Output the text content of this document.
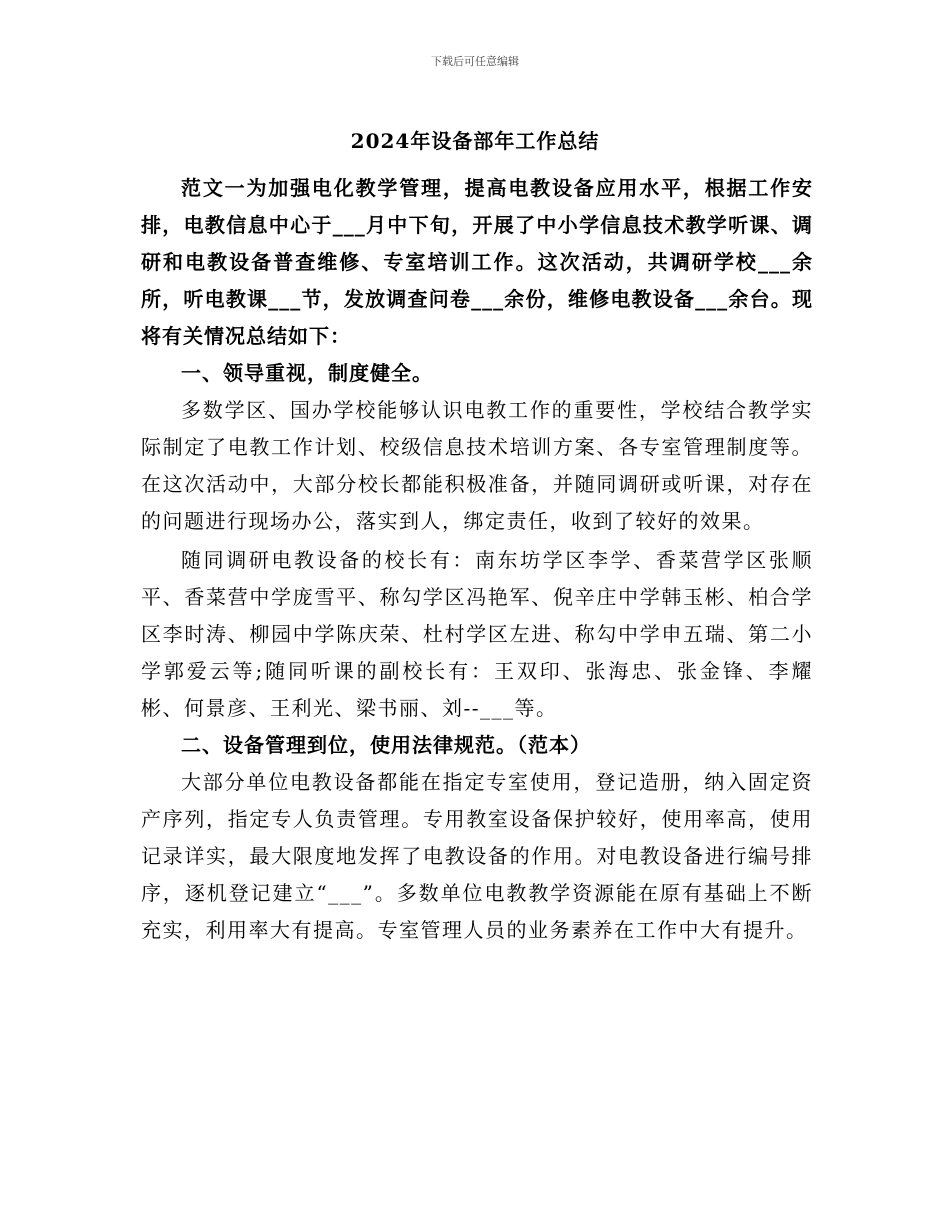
下载后可任意编辑
2024年设备部年工作总结

范文一为加强电化教学管理，提高电教设备应用水平，根据工作安排，电教信息中心于___月中下旬，开展了中小学信息技术教学听课、调研和电教设备普查维修、专室培训工作。这次活动，共调研学校___余所，听电教课___节，发放调查问卷___余份，维修电教设备___余台。现将有关情况总结如下：

一、领导重视，制度健全。

多数学区、国办学校能够认识电教工作的重要性，学校结合教学实际制定了电教工作计划、校级信息技术培训方案、各专室管理制度等。在这次活动中，大部分校长都能积极准备，并随同调研或听课，对存在的问题进行现场办公，落实到人，绑定责任，收到了较好的效果。

随同调研电教设备的校长有：南东坊学区李学、香菜营学区张顺平、香菜营中学庞雪平、称勾学区冯艳军、倪辛庄中学韩玉彬、柏合学区李时涛、柳园中学陈庆荣、杜村学区左进、称勾中学申五瑞、第二小学郭爱云等;随同听课的副校长有：王双印、张海忠、张金锋、李耀彬、何景彦、王利光、梁书丽、刘--___等。

二、设备管理到位，使用法律规范。（范本）

大部分单位电教设备都能在指定专室使用，登记造册，纳入固定资产序列，指定专人负责管理。专用教室设备保护较好，使用率高，使用记录详实，最大限度地发挥了电教设备的作用。对电教设备进行编号排序，逐机登记建立“___”。多数单位电教教学资源能在原有基础上不断充实，利用率大有提高。专室管理人员的业务素养在工作中大有提升。
